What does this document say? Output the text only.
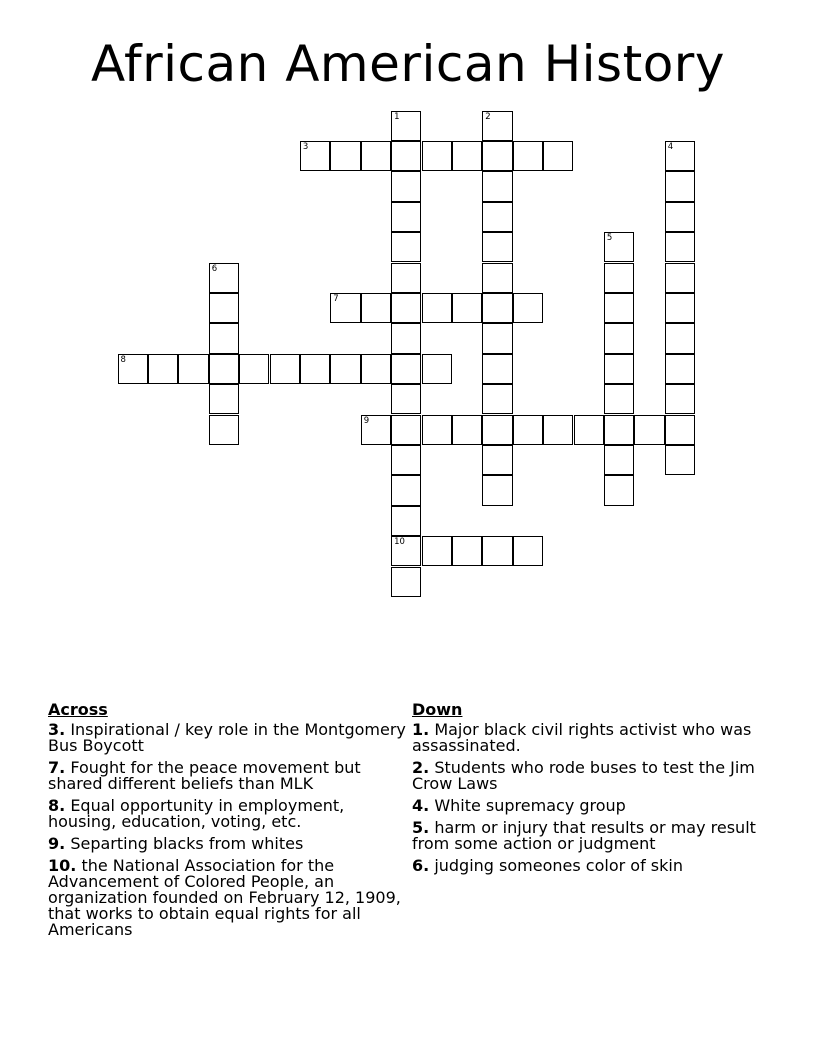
African American History
1
10
2
3	4
5
6
7
8
9
Across
3. Inspirational / key role in the Montgomery Bus Boycott
7. Fought for the peace movement but shared different beliefs than MLK
8. Equal opportunity in employment, housing, education, voting, etc.
9. Separting blacks from whites
10. the National Association for the Advancement of Colored People, an organization founded on February 12, 1909, that works to obtain equal rights for all Americans
Down
1. Major black civil rights activist who was assassinated.
2. Students who rode buses to test the Jim Crow Laws
4. White supremacy group
5. harm or injury that results or may result from some action or judgment
6. judging someones color of skin
